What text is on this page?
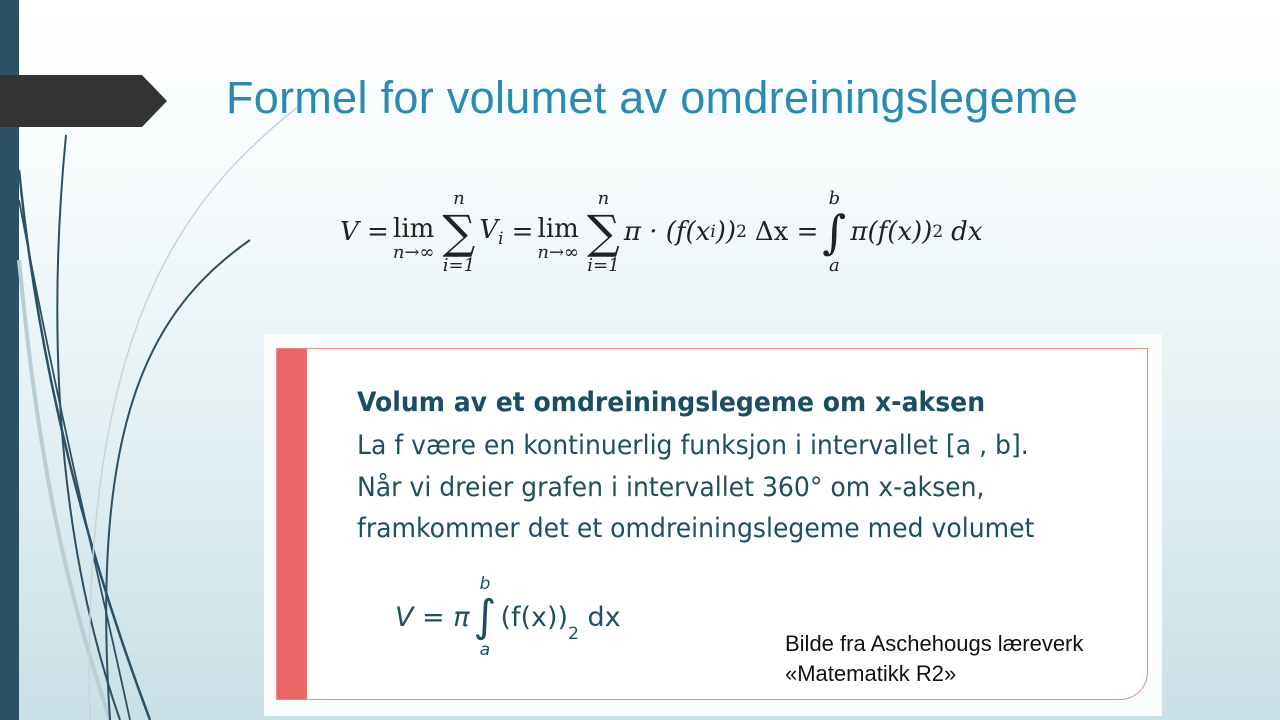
Formel for volumet av omdreiningslegeme
V = lim
n→∞
n
∑
i=1
$V_i = \lim$
n→∞
n
∑
i=1
π · (f(x i )) 2 Δx =
b
∫
a
π(f(x)) 2 dx
Volum av et omdreiningslegeme om x-aksen
La f være en kontinuerlig funksjon i intervallet [a , b].
Når vi dreier grafen i intervallet 360° om x-aksen,
framkommer det et omdreiningslegeme med volumet
V = π
b
∫
a
(f(x))
$_2$
dx
Bilde fra Aschehougs læreverk
«Matematikk R2»
